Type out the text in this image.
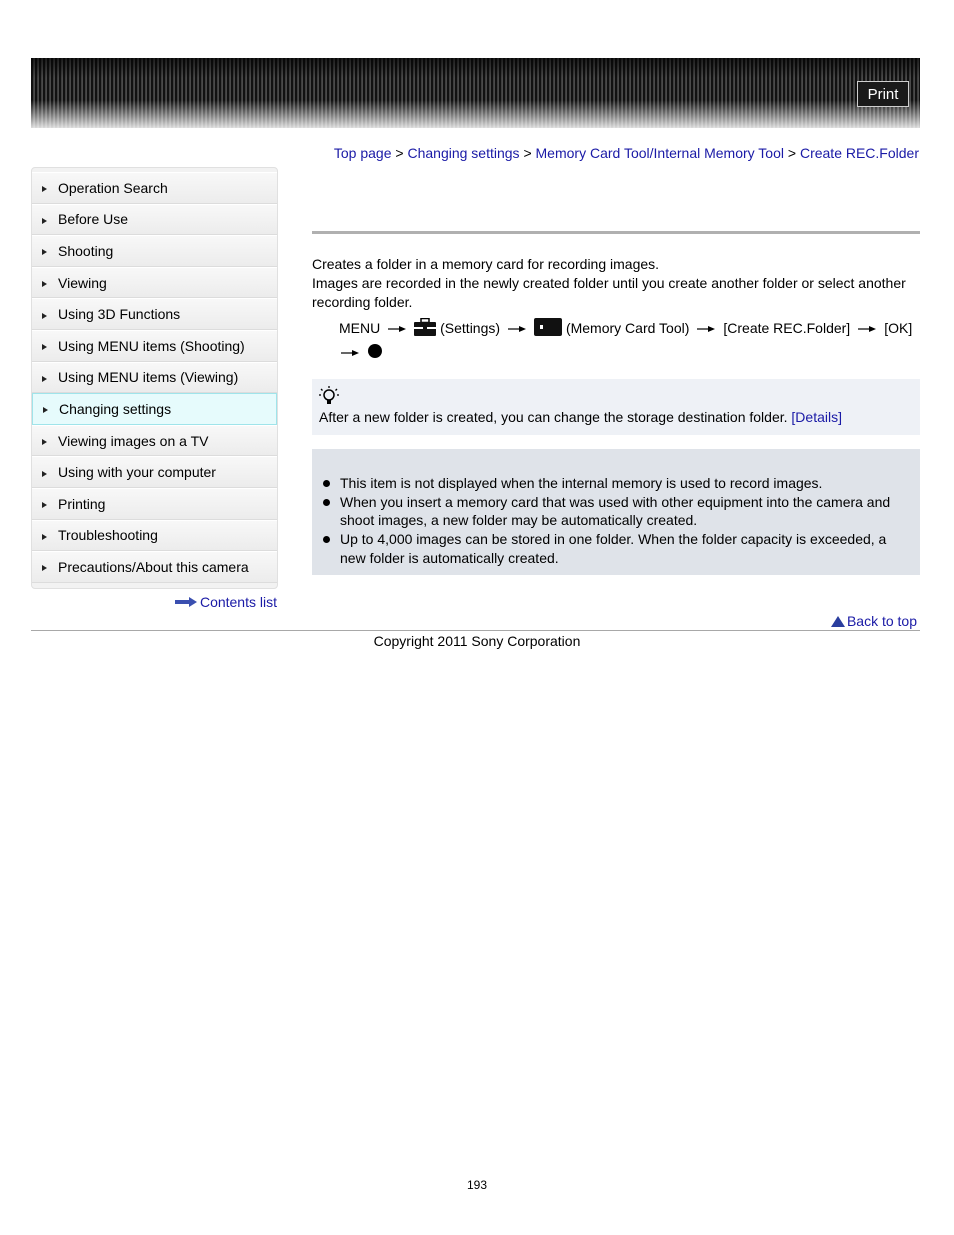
Print
Top page > Changing settings > Memory Card Tool/Internal Memory Tool > Create REC.Folder
Operation Search
Before Use
Shooting
Viewing
Using 3D Functions
Using MENU items (Shooting)
Using MENU items (Viewing)
Changing settings
Viewing images on a TV
Using with your computer
Printing
Troubleshooting
Precautions/About this camera
Contents list
Creates a folder in a memory card for recording images.
Images are recorded in the newly created folder until you create another folder or select another recording folder.
MENU	(Settings)	(Memory Card Tool) [Create REC.Folder] [OK]

After a new folder is created, you can change the storage destination folder. [Details]
This item is not displayed when the internal memory is used to record images.
When you insert a memory card that was used with other equipment into the camera and shoot images, a new folder may be automatically created.
Up to 4,000 images can be stored in one folder. When the folder capacity is exceeded, a new folder is automatically created.
Back to top
Copyright 2011 Sony Corporation
193
